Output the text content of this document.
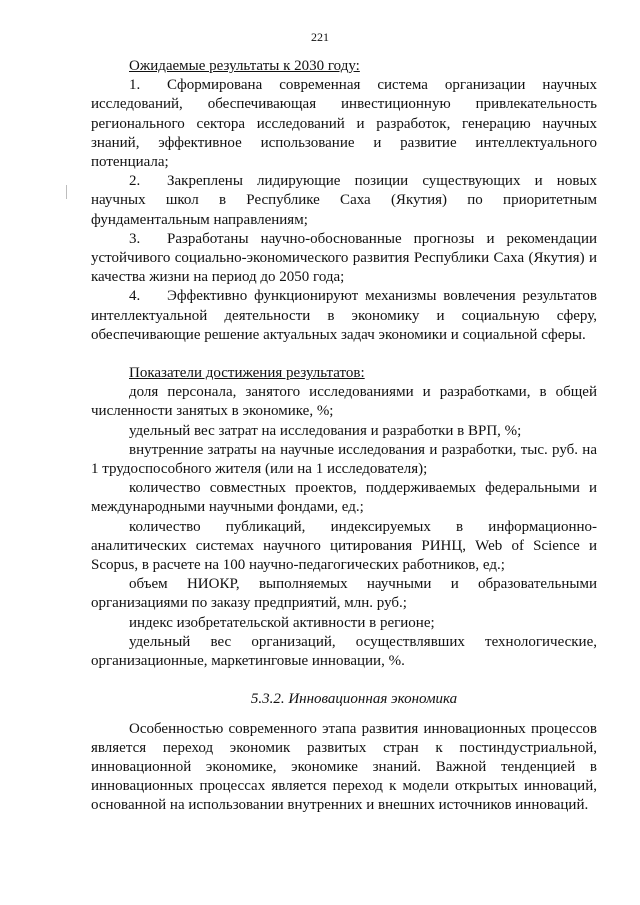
221

Ожидаемые результаты к 2030 году:

1. Сформирована современная система организации научных исследований, обеспечивающая инвестиционную привлекательность регионального сектора исследований и разработок, генерацию научных знаний, эффективное использование и развитие интеллектуального потенциала;

2. Закреплены лидирующие позиции существующих и новых научных школ в Республике Саха (Якутия) по приоритетным фундаментальным направлениям;

3. Разработаны научно-обоснованные прогнозы и рекомендации устойчивого социально-экономического развития Республики Саха (Якутия) и качества жизни на период до 2050 года;

4. Эффективно функционируют механизмы вовлечения результатов интеллектуальной деятельности в экономику и социальную сферу, обеспечивающие решение актуальных задач экономики и социальной сферы.

Показатели достижения результатов:

доля персонала, занятого исследованиями и разработками, в общей численности занятых в экономике, %;

удельный вес затрат на исследования и разработки в ВРП, %;

внутренние затраты на научные исследования и разработки, тыс. руб. на 1 трудоспособного жителя (или на 1 исследователя);

количество совместных проектов, поддерживаемых федеральными и международными научными фондами, ед.;

количество публикаций, индексируемых в информационно-аналитических системах научного цитирования РИНЦ, Web of Science и Scopus, в расчете на 100 научно-педагогических работников, ед.;

объем НИОКР, выполняемых научными и образовательными организациями по заказу предприятий, млн. руб.;

индекс изобретательской активности в регионе;

удельный вес организаций, осуществлявших технологические, организационные, маркетинговые инновации, %.

5.3.2. Инновационная экономика

Особенностью современного этапа развития инновационных процессов является переход экономик развитых стран к постиндустриальной, инновационной экономике, экономике знаний. Важной тенденцией в инновационных процессах является переход к модели открытых инноваций, основанной на использовании внутренних и внешних источников инноваций.
